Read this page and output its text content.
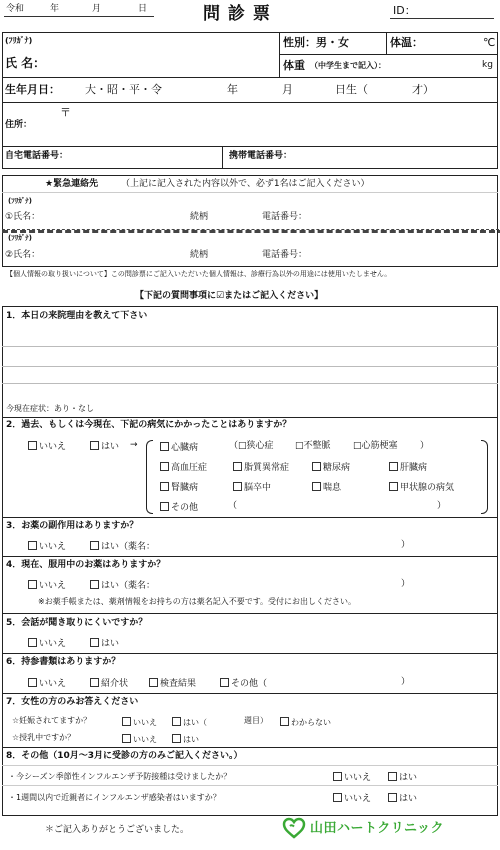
令和	年	月	日	問 診 票	ID：
(ﾌﾘｶﾞﾅ)
氏 名：
性別：男・女	体温：	℃
体重 （中学生まで記入）：	kg
生年月日： 大・昭・平・令	年	月	日生（	才）
〒
住所：
自宅電話番号：	携帯電話番号：
★緊急連絡先	（上記に記入された内容以外で、必ず1名はご記入ください）
(ﾌﾘｶﾞﾅ)
①氏名：	続柄	電話番号：
(ﾌﾘｶﾞﾅ)
②氏名：	続柄	電話番号：
【個人情報の取り扱いについて】この問診票にご記入いただいた個人情報は、診療行為以外の用途には使用いたしません。
【下記の質問事項に☑またはご記入ください】
1．本日の来院理由を教えて下さい
今現在症状：あり・なし
2．過去、もしくは今現在、下記の病気にかかったことはありますか？
いいえ	はい →	心臓病	（□狭心症 □不整脈 □心筋梗塞 ）
高血圧症	脂質異常症	糖尿病	肝臓病
腎臓病	脳卒中	喘息	甲状腺の病気
その他	（	）
3．お薬の副作用はありますか？
いいえ	はい（薬名：	）
4．現在、服用中のお薬はありますか？
いいえ	はい（薬名：	）
※お薬手帳または、薬剤情報をお持ちの方は薬名記入不要です。受付にお出しください。
5．会話が聞き取りにくいですか？
いいえ	はい
6．持参書類はありますか？
いいえ	紹介状	検査結果	その他（	）
7．女性の方のみお答えください
☆妊娠されてますか？	いいえ	はい（	週目）	わからない
☆授乳中ですか？	いいえ	はい
8．その他（10月～3月に受診の方のみご記入ください。）
・今シーズン季節性インフルエンザ予防接種は受けましたか？	いいえ	はい
・1週間以内で近親者にインフルエンザ感染者はいますか？	いいえ	はい
＊ご記入ありがとうございました。	山田ハートクリニック
